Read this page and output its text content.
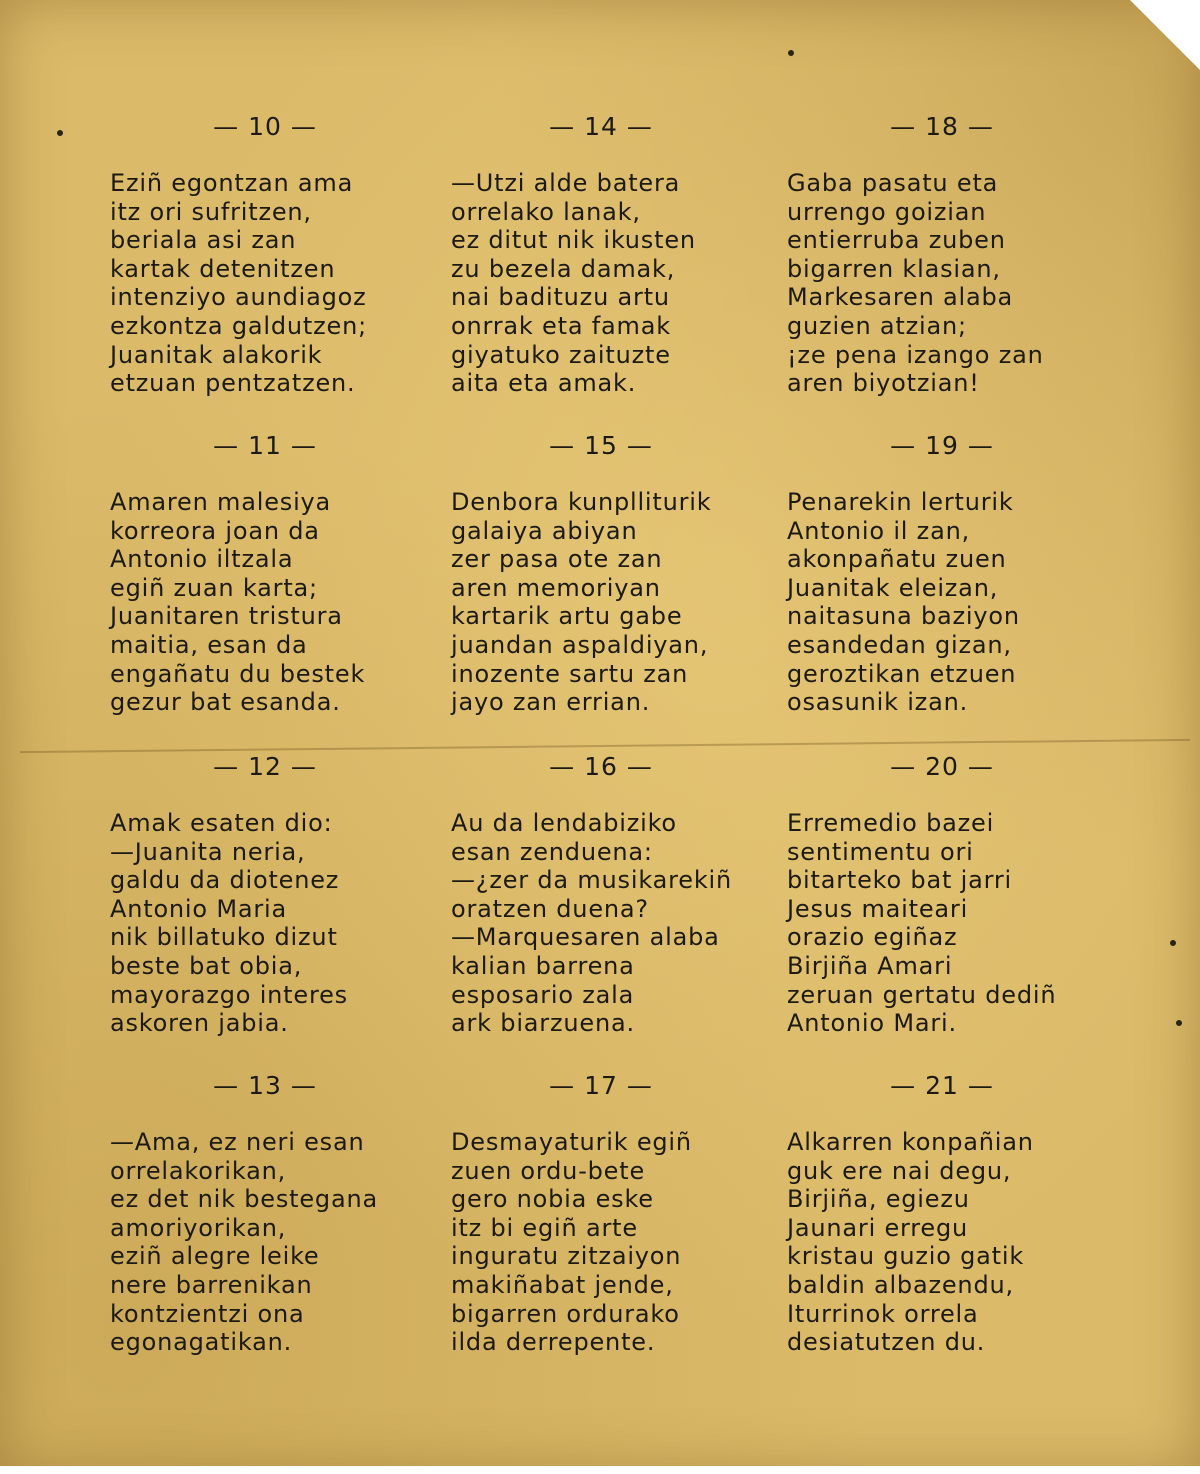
— 10 —
Eziñ egontzan ama
itz ori sufritzen,
beriala asi zan
kartak detenitzen
intenziyo aundiagoz
ezkontza galdutzen;
Juanitak alakorik
etzuan pentzatzen.
— 14 —
—Utzi alde batera
orrelako lanak,
ez ditut nik ikusten
zu bezela damak,
nai badituzu artu
onrrak eta famak
giyatuko zaituzte
aita eta amak.
— 18 —
Gaba pasatu eta
urrengo goizian
entierruba zuben
bigarren klasian,
Markesaren alaba
guzien atzian;
¡ze pena izango zan
aren biyotzian!
— 11 —
Amaren malesiya
korreora joan da
Antonio iltzala
egiñ zuan karta;
Juanitaren tristura
maitia, esan da
engañatu du bestek
gezur bat esanda.
— 15 —
Denbora kunplliturik
galaiya abiyan
zer pasa ote zan
aren memoriyan
kartarik artu gabe
juandan aspaldiyan,
inozente sartu zan
jayo zan errian.
— 19 —
Penarekin lerturik
Antonio il zan,
akonpañatu zuen
Juanitak eleizan,
naitasuna baziyon
esandedan gizan,
geroztikan etzuen
osasunik izan.
— 12 —
Amak esaten dio:
—Juanita neria,
galdu da diotenez
Antonio Maria
nik billatuko dizut
beste bat obia,
mayorazgo interes
askoren jabia.
— 16 —
Au da lendabiziko
esan zenduena:
—¿zer da musikarekiñ
oratzen duena?
—Marquesaren alaba
kalian barrena
esposario zala
ark biarzuena.
— 20 —
Erremedio bazei
sentimentu ori
bitarteko bat jarri
Jesus maiteari
orazio egiñaz
Birjiña Amari
zeruan gertatu dediñ
Antonio Mari.
— 13 —
—Ama, ez neri esan
orrelakorikan,
ez det nik bestegana
amoriyorikan,
eziñ alegre leike
nere barrenikan
kontzientzi ona
egonagatikan.
— 17 —
Desmayaturik egiñ
zuen ordu-bete
gero nobia eske
itz bi egiñ arte
inguratu zitzaiyon
makiñabat jende,
bigarren ordurako
ilda derrepente.
— 21 —
Alkarren konpañian
guk ere nai degu,
Birjiña, egiezu
Jaunari erregu
kristau guzio gatik
baldin albazendu,
Iturrinok orrela
desiatutzen du.
